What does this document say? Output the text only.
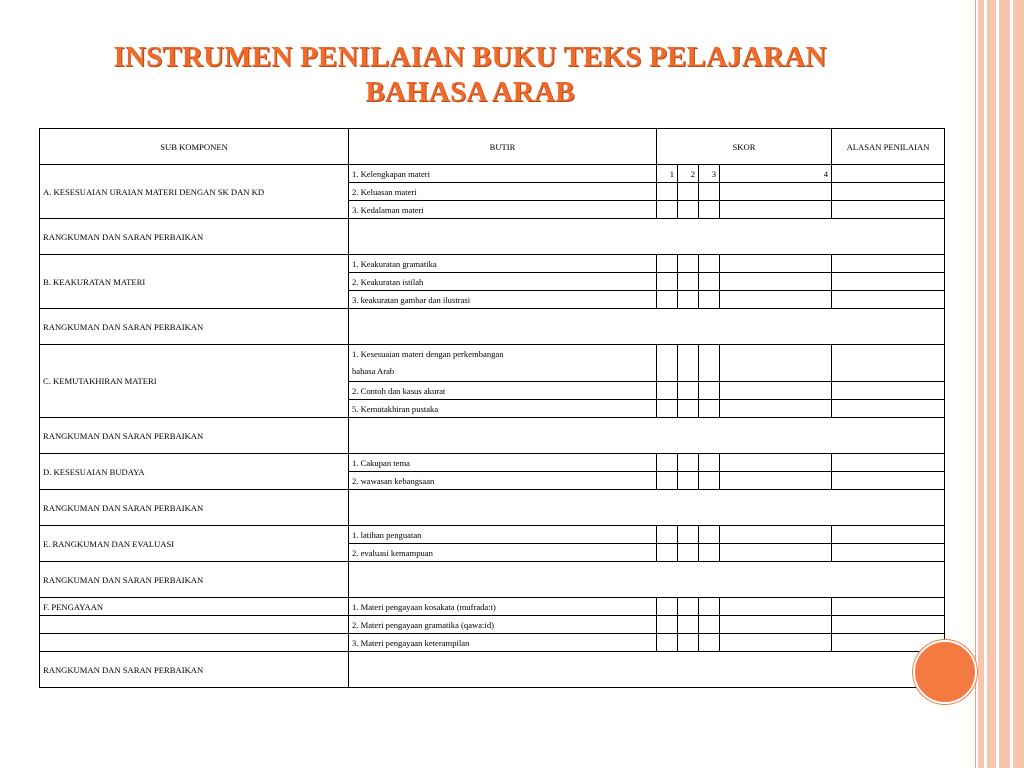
INSTRUMEN PENILAIAN BUKU TEKS PELAJARAN
BAHASA ARAB
SUB KOMPONEN	BUTIR	SKOR				ALASAN PENILAIAN
A. KESESUAIAN URAIAN MATERI DENGAN SK DAN KD	1. Kelengkapan materi	1	2	3	4	
	2. Keluasan materi					
	3. Kedalaman materi					
RANGKUMAN DAN SARAN PERBAIKAN						
B. KEAKURATAN MATERI	1. Keakuratan gramatika					
	2. Keakuratan istilah					
	3. keakuratan gambar dan ilustrasi					
RANGKUMAN DAN SARAN PERBAIKAN						
C. KEMUTAKHIRAN MATERI	1. Kesesuaian materi dengan perkembangan
bahasa Arab					
	2. Contoh dan kasus akurat					
	5. Kemutakhiran pustaka					
RANGKUMAN DAN SARAN PERBAIKAN						
D. KESESUAIAN BUDAYA	1. Cakupan tema					
	2. wawasan kebangsaan					
RANGKUMAN DAN SARAN PERBAIKAN						
E. RANGKUMAN DAN EVALUASI	1. latihan penguatan					
	2. evaluasi kemampuan					
RANGKUMAN DAN SARAN PERBAIKAN						
F. PENGAYAAN	1. Materi pengayaan kosakata (mufrada:t)					
	2. Materi pengayaan gramatika (qawa:id)					
	3. Materi pengayaan keterampilan					
RANGKUMAN DAN SARAN PERBAIKAN						
